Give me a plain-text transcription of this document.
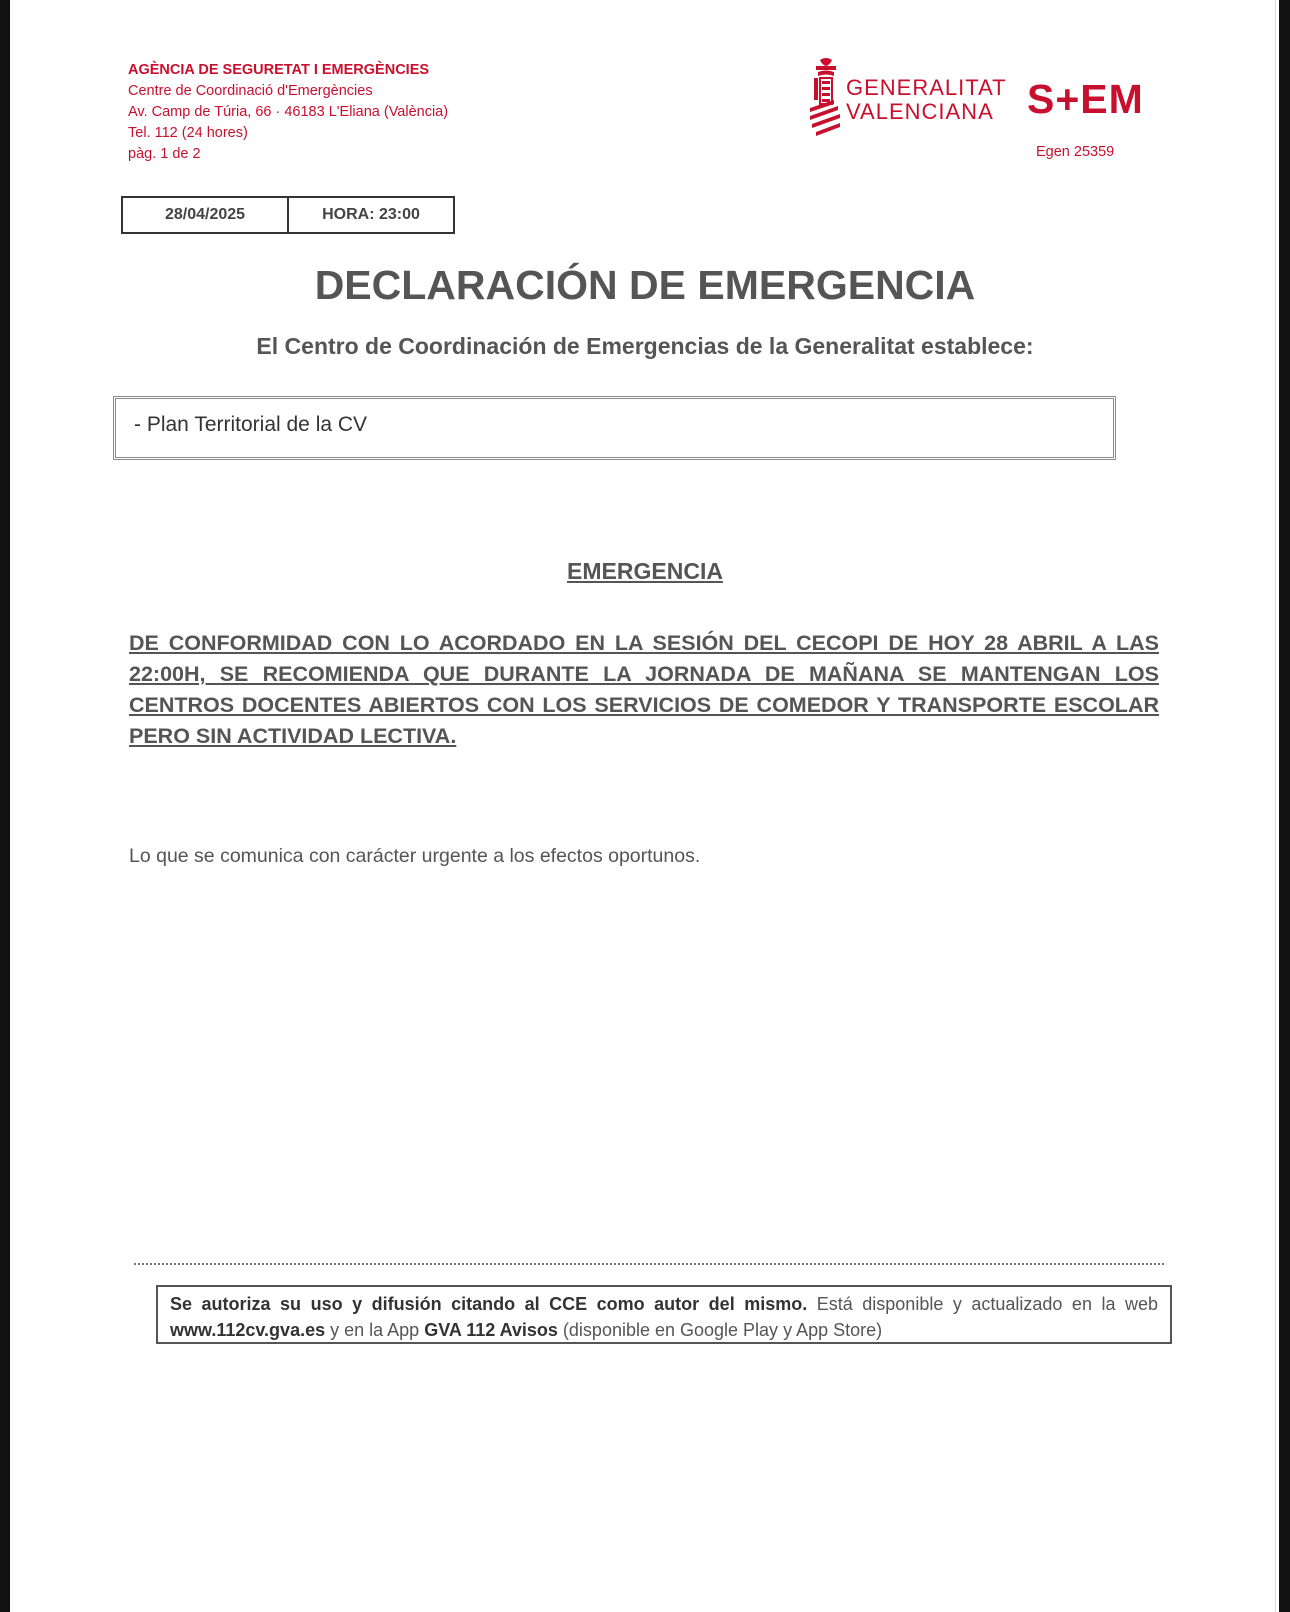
AGÈNCIA DE SEGURETAT I EMERGÈNCIES
Centre de Coordinació d'Emergències
Av. Camp de Túria, 66 · 46183 L'Eliana (València)
Tel. 112 (24 hores)
pàg. 1 de 2
GENERALITAT
VALENCIANA S+EM
Egen 25359
28/04/2025	HORA: 23:00
DECLARACIÓN DE EMERGENCIA
El Centro de Coordinación de Emergencias de la Generalitat establece:
- Plan Territorial de la CV
EMERGENCIA
DE CONFORMIDAD CON LO ACORDADO EN LA SESIÓN DEL CECOPI DE HOY 28 ABRIL A LAS 22:00H, SE RECOMIENDA QUE DURANTE LA JORNADA DE MAÑANA SE MANTENGAN LOS CENTROS DOCENTES ABIERTOS CON LOS SERVICIOS DE COMEDOR Y TRANSPORTE ESCOLAR PERO SIN ACTIVIDAD LECTIVA.
Lo que se comunica con carácter urgente a los efectos oportunos.
Se autoriza su uso y difusión citando al CCE como autor del mismo. Está disponible y actualizado en la web www.112cv.gva.es y en la App GVA 112 Avisos (disponible en Google Play y App Store)
